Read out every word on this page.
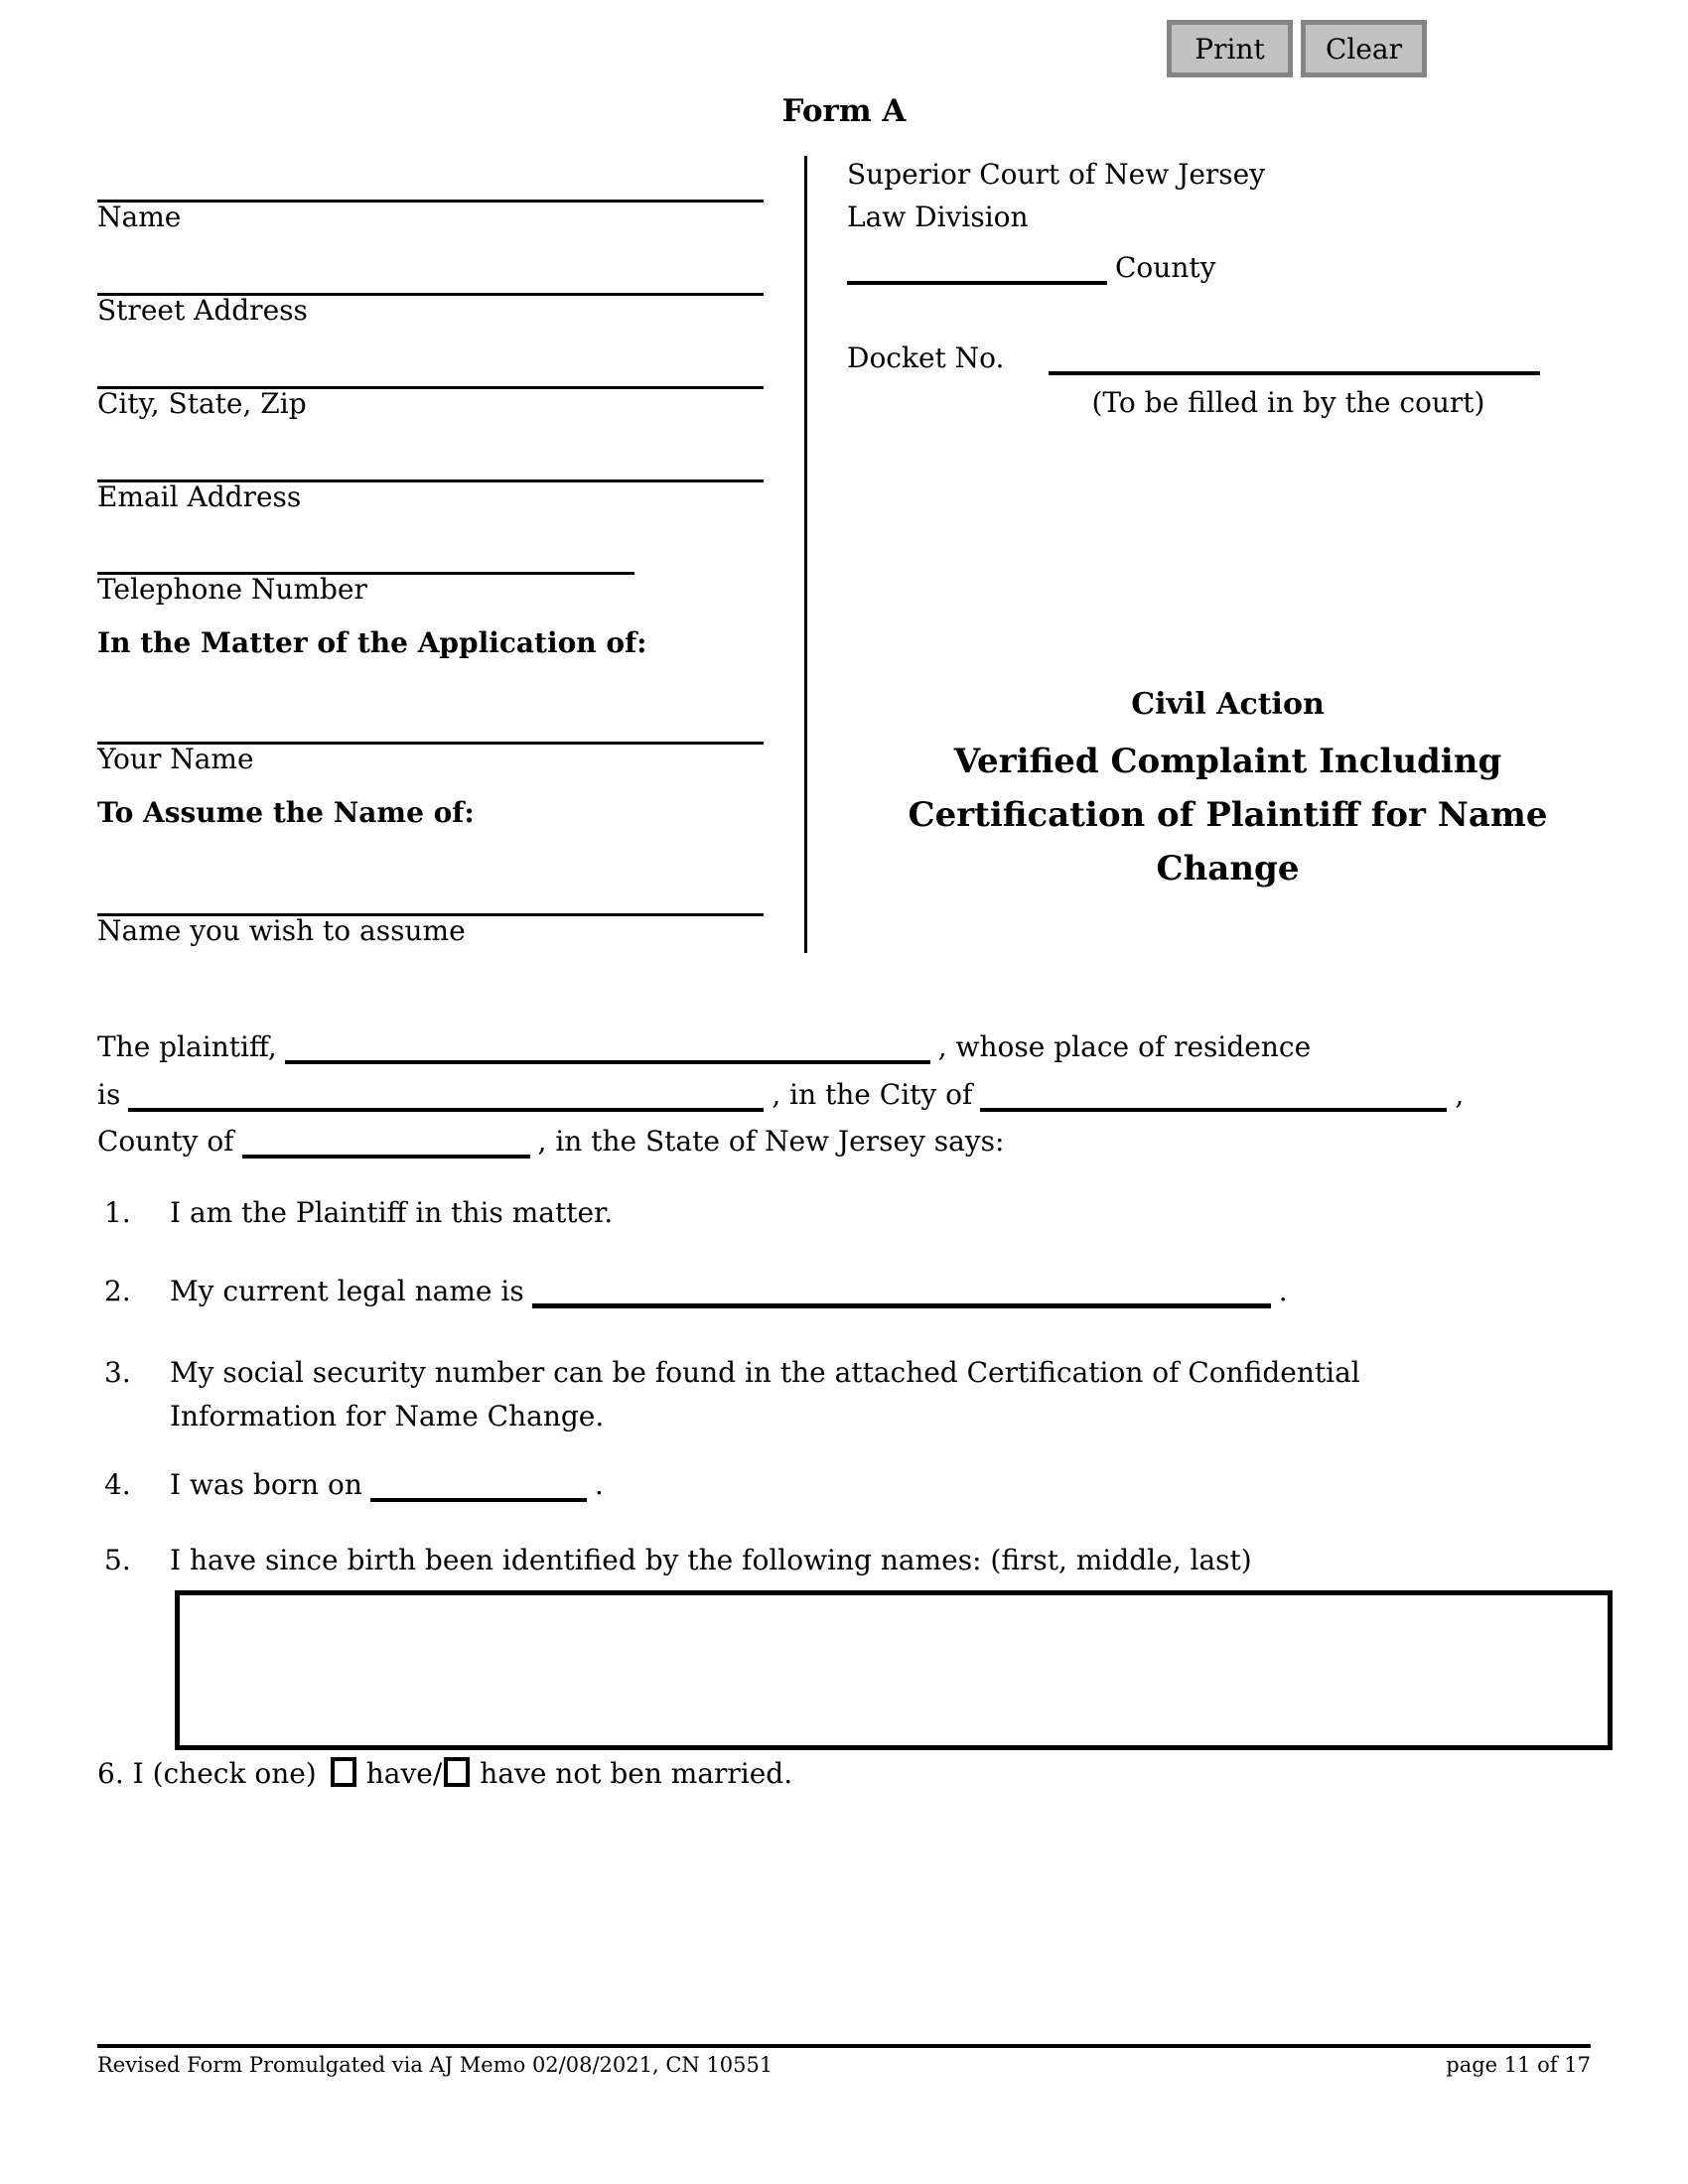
Print	Clear
Form A
Name
Street Address
City, State, Zip
Email Address
Telephone Number
In the Matter of the Application of:
Your Name
To Assume the Name of:
Name you wish to assume
Superior Court of New Jersey
Law Division
County
Docket No.
(To be filled in by the court)
Civil Action
Verified Complaint Including
Certification of Plaintiff for Name
Change
The plaintiff,	, whose place of residence
is	, in the City of	,
County of	, in the State of New Jersey says:
1. I am the Plaintiff in this matter.
2. My current legal name is	.
3. My social security number can be found in the attached Certification of Confidential
Information for Name Change.
4. I was born on	.
5. I have since birth been identified by the following names: (first, middle, last)
6. I (check one) have/ have not ben married.
Revised Form Promulgated via AJ Memo 02/08/2021, CN 10551	page 11 of 17
